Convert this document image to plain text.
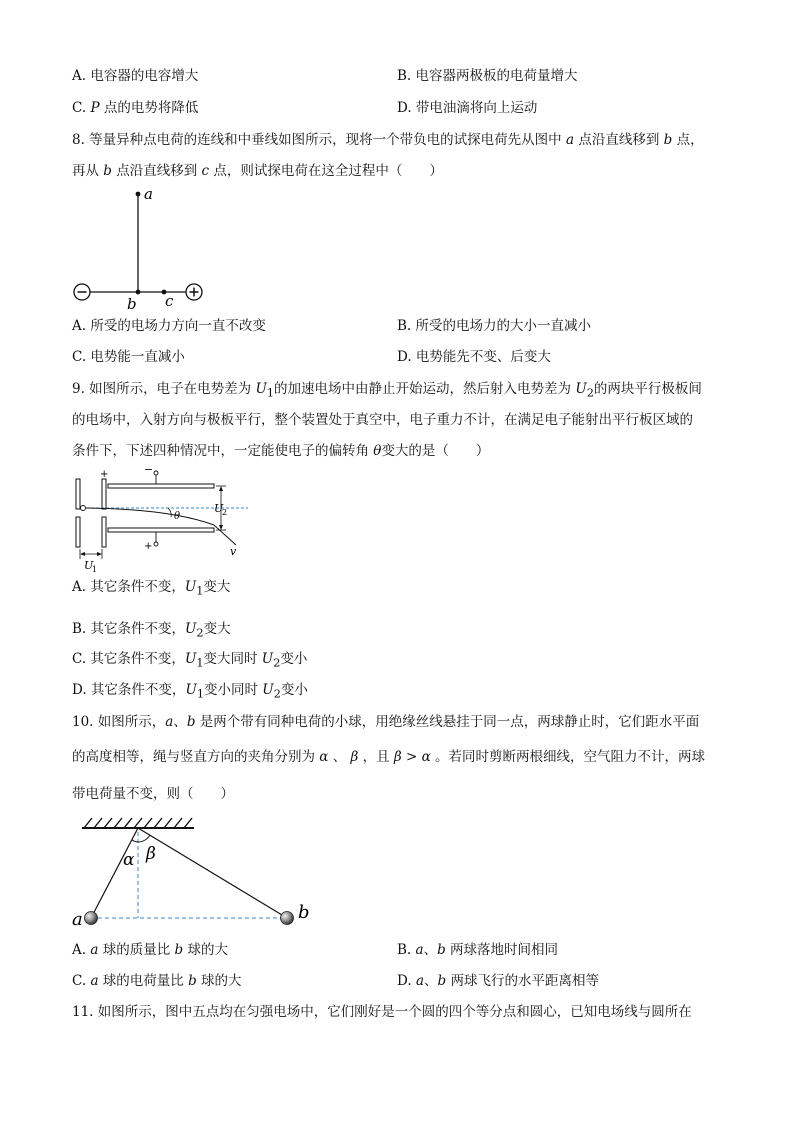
A. 电容器的电容增大	B. 电容器两极板的电荷量增大
C. P 点的电势将降低	D. 带电油滴将向上运动
8. 等量异种点电荷的连线和中垂线如图所示，现将一个带负电的试探电荷先从图中 a 点沿直线移到 b 点，
再从 b 点沿直线移到 c 点，则试探电荷在这全过程中（　　）
a
b c
A. 所受的电场力方向一直不改变	B. 所受的电场力的大小一直减小
C. 电势能一直减小	D. 电势能先不变、后变大
9. 如图所示，电子在电势差为 $U_1$的加速电场中由静止开始运动，然后射入电势差为 $U_2$的两块平行极板间
的电场中，入射方向与极板平行，整个装置处于真空中，电子重力不计，在满足电子能射出平行板区域的
条件下，下述四种情况中，一定能使电子的偏转角 θ变大的是（　　）
+	−
+	v
θ
U
2
U
1
A. 其它条件不变，$U_1$变大
B. 其它条件不变，$U_2$变大
C. 其它条件不变，$U_1$变大同时 $U_2$变小
D. 其它条件不变，$U_1$变小同时 $U_2$变小
10. 如图所示，a、b 是两个带有同种电荷的小球，用绝缘丝线悬挂于同一点，两球静止时，它们距水平面
的高度相等，绳与竖直方向的夹角分别为 α 、 β ，且 β > α 。若同时剪断两根细线，空气阻力不计，两球
带电荷量不变，则（　　）
α β
a	b
A. a 球的质量比 b 球的大	B. a、b 两球落地时间相同
C. a 球的电荷量比 b 球的大	D. a、b 两球飞行的水平距离相等
11. 如图所示，图中五点均在匀强电场中，它们刚好是一个圆的四个等分点和圆心，已知电场线与圆所在
